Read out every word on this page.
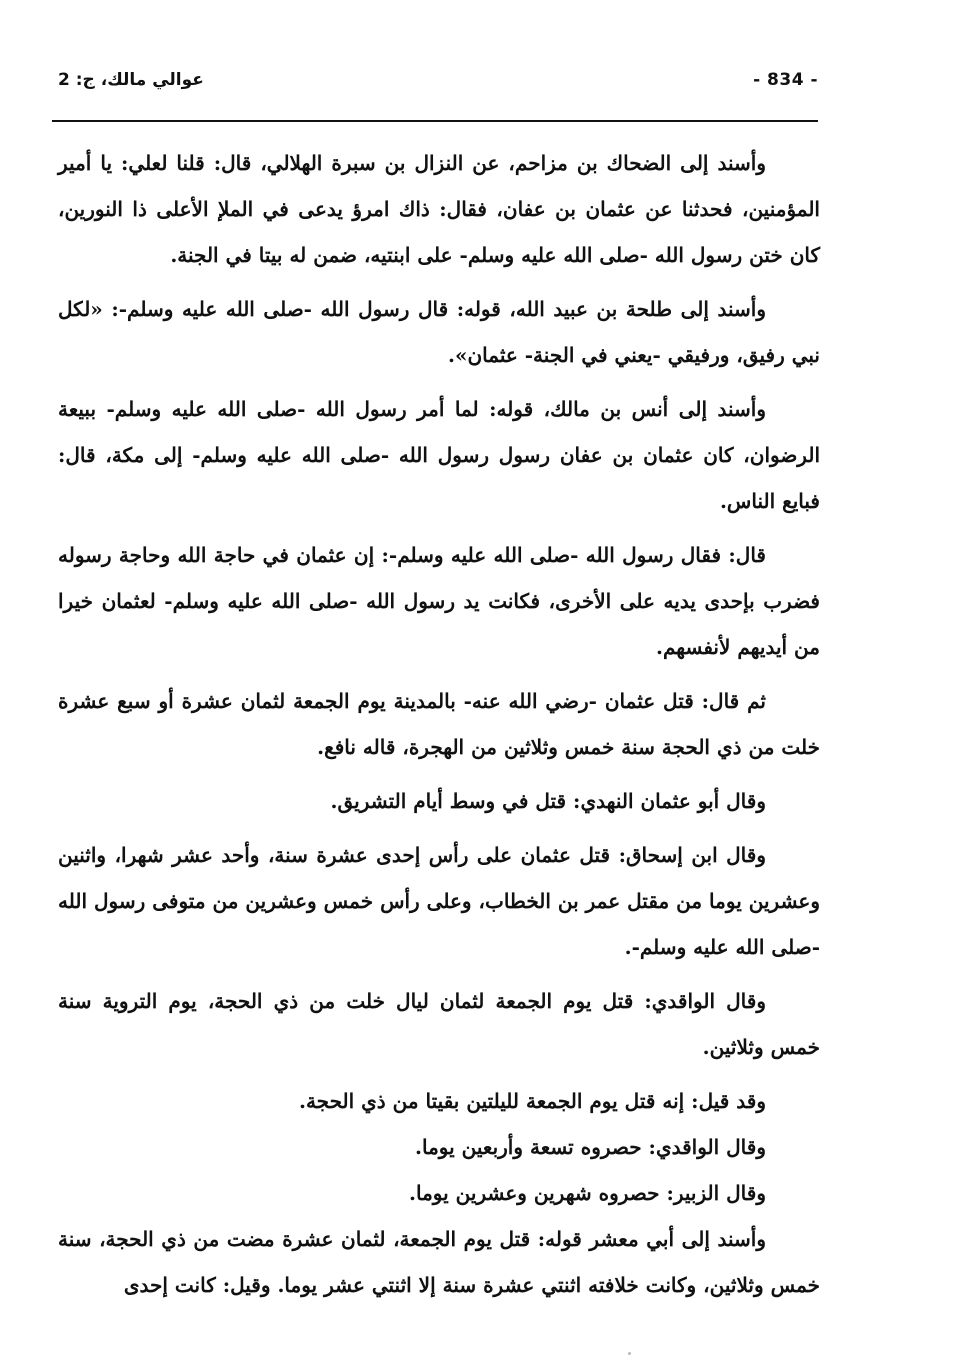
- 834 -
عوالي مالك، ج: 2

وأسند إلى الضحاك بن مزاحم، عن النزال بن سبرة الهلالي، قال: قلنا لعلي: يا أمير المؤمنين، فحدثنا عن عثمان بن عفان، فقال: ذاك امرؤ يدعى في الملإ الأعلى ذا النورين، كان ختن رسول الله -صلى الله عليه وسلم- على ابنتيه، ضمن له بيتا في الجنة.

وأسند إلى طلحة بن عبيد الله، قوله: قال رسول الله -صلى الله عليه وسلم-: «لكل نبي رفيق، ورفيقي -يعني في الجنة- عثمان».

وأسند إلى أنس بن مالك، قوله: لما أمر رسول الله -صلى الله عليه وسلم- ببيعة الرضوان، كان عثمان بن عفان رسول رسول الله -صلى الله عليه وسلم- إلى مكة، قال: فبايع الناس.

قال: فقال رسول الله -صلى الله عليه وسلم-: إن عثمان في حاجة الله وحاجة رسوله فضرب بإحدى يديه على الأخرى، فكانت يد رسول الله -صلى الله عليه وسلم- لعثمان خيرا من أيديهم لأنفسهم.

ثم قال: قتل عثمان -رضي الله عنه- بالمدينة يوم الجمعة لثمان عشرة أو سبع عشرة خلت من ذي الحجة سنة خمس وثلاثين من الهجرة، قاله نافع.

وقال أبو عثمان النهدي: قتل في وسط أيام التشريق.

وقال ابن إسحاق: قتل عثمان على رأس إحدى عشرة سنة، وأحد عشر شهرا، واثنين وعشرين يوما من مقتل عمر بن الخطاب، وعلى رأس خمس وعشرين من متوفى رسول الله -صلى الله عليه وسلم-.

وقال الواقدي: قتل يوم الجمعة لثمان ليال خلت من ذي الحجة، يوم التروية سنة خمس وثلاثين.

وقد قيل: إنه قتل يوم الجمعة لليلتين بقيتا من ذي الحجة.

وقال الواقدي: حصروه تسعة وأربعين يوما.

وقال الزبير: حصروه شهرين وعشرين يوما.

وأسند إلى أبي معشر قوله: قتل يوم الجمعة، لثمان عشرة مضت من ذي الحجة، سنة خمس وثلاثين، وكانت خلافته اثنتي عشرة سنة إلا اثنتي عشر يوما. وقيل: كانت إحدى
